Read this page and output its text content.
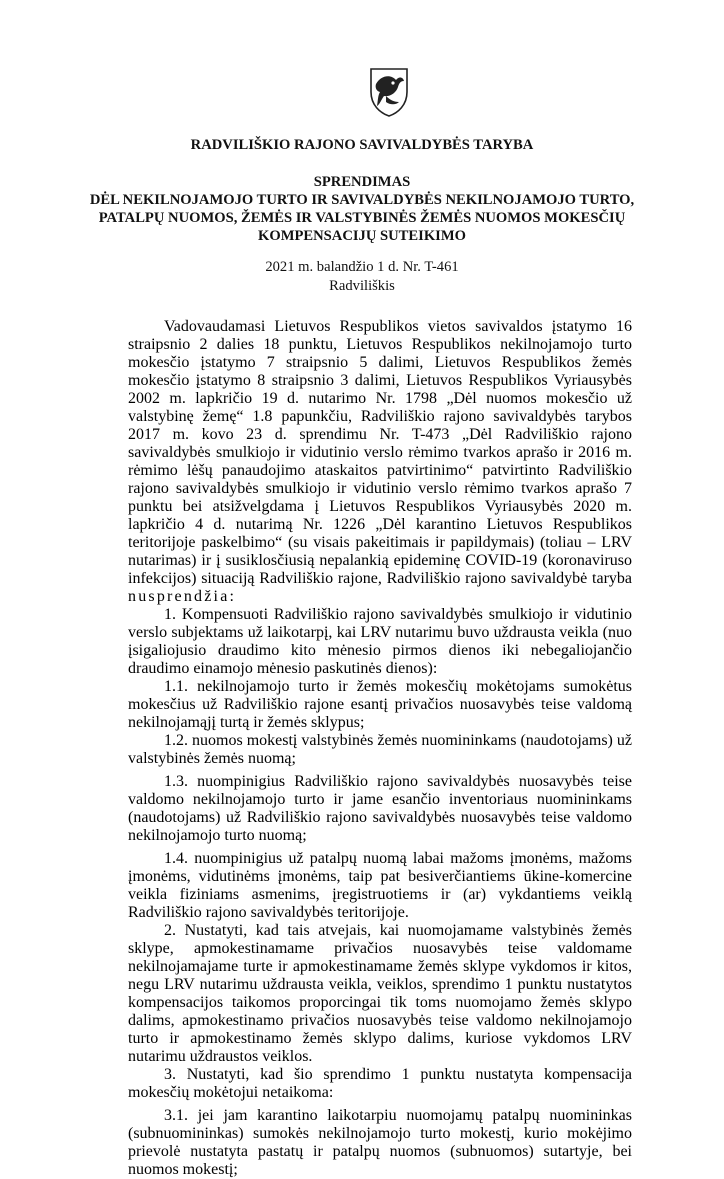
RADVILIŠKIO RAJONO SAVIVALDYBĖS TARYBA
SPRENDIMAS
DĖL NEKILNOJAMOJO TURTO IR SAVIVALDYBĖS NEKILNOJAMOJO TURTO,
PATALPŲ NUOMOS, ŽEMĖS IR VALSTYBINĖS ŽEMĖS NUOMOS MOKESČIŲ
KOMPENSACIJŲ SUTEIKIMO
2021 m. balandžio 1 d. Nr. T-461
Radviliškis

Vadovaudamasi Lietuvos Respublikos vietos savivaldos įstatymo 16 straipsnio 2 dalies 18 punktu, Lietuvos Respublikos nekilnojamojo turto mokesčio įstatymo 7 straipsnio 5 dalimi, Lietuvos Respublikos žemės mokesčio įstatymo 8 straipsnio 3 dalimi, Lietuvos Respublikos Vyriausybės 2002 m. lapkričio 19 d. nutarimo Nr. 1798 „Dėl nuomos mokesčio už valstybinę žemę“ 1.8 papunkčiu, Radviliškio rajono savivaldybės tarybos 2017 m. kovo 23 d. sprendimu Nr. T-473 „Dėl Radviliškio rajono savivaldybės smulkiojo ir vidutinio verslo rėmimo tvarkos aprašo ir 2016 m. rėmimo lėšų panaudojimo ataskaitos patvirtinimo“ patvirtinto Radviliškio rajono savivaldybės smulkiojo ir vidutinio verslo rėmimo tvarkos aprašo 7 punktu bei atsižvelgdama į Lietuvos Respublikos Vyriausybės 2020 m. lapkričio 4 d. nutarimą Nr. 1226 „Dėl karantino Lietuvos Respublikos teritorijoje paskelbimo“ (su visais pakeitimais ir papildymais) (toliau – LRV nutarimas) ir į susiklosčiusią nepalankią epideminę COVID-19 (koronaviruso infekcijos) situaciją Radviliškio rajone, Radviliškio rajono savivaldybė taryba nusprendžia:

1. Kompensuoti Radviliškio rajono savivaldybės smulkiojo ir vidutinio verslo subjektams už laikotarpį, kai LRV nutarimu buvo uždrausta veikla (nuo įsigaliojusio draudimo kito mėnesio pirmos dienos iki nebegaliojančio draudimo einamojo mėnesio paskutinės dienos):

1.1. nekilnojamojo turto ir žemės mokesčių mokėtojams sumokėtus mokesčius už Radviliškio rajone esantį privačios nuosavybės teise valdomą nekilnojamąjį turtą ir žemės sklypus;

1.2. nuomos mokestį valstybinės žemės nuomininkams (naudotojams) už valstybinės žemės nuomą;

1.3. nuompinigius Radviliškio rajono savivaldybės nuosavybės teise valdomo nekilnojamojo turto ir jame esančio inventoriaus nuomininkams (naudotojams) už Radviliškio rajono savivaldybės nuosavybės teise valdomo nekilnojamojo turto nuomą;

1.4. nuompinigius už patalpų nuomą labai mažoms įmonėms, mažoms įmonėms, vidutinėms įmonėms, taip pat besiverčiantiems ūkine-komercine veikla fiziniams asmenims, įregistruotiems ir (ar) vykdantiems veiklą Radviliškio rajono savivaldybės teritorijoje.

2. Nustatyti, kad tais atvejais, kai nuomojamame valstybinės žemės sklype, apmokestinamame privačios nuosavybės teise valdomame nekilnojamajame turte ir apmokestinamame žemės sklype vykdomos ir kitos, negu LRV nutarimu uždrausta veikla, veiklos, sprendimo 1 punktu nustatytos kompensacijos taikomos proporcingai tik toms nuomojamo žemės sklypo dalims, apmokestinamo privačios nuosavybės teise valdomo nekilnojamojo turto ir apmokestinamo žemės sklypo dalims, kuriose vykdomos LRV nutarimu uždraustos veiklos.

3. Nustatyti, kad šio sprendimo 1 punktu nustatyta kompensacija mokesčių mokėtojui netaikoma:

3.1. jei jam karantino laikotarpiu nuomojamų patalpų nuomininkas (subnuomininkas) sumokės nekilnojamojo turto mokestį, kurio mokėjimo prievolė nustatyta pastatų ir patalpų nuomos (subnuomos) sutartyje, bei nuomos mokestį;
